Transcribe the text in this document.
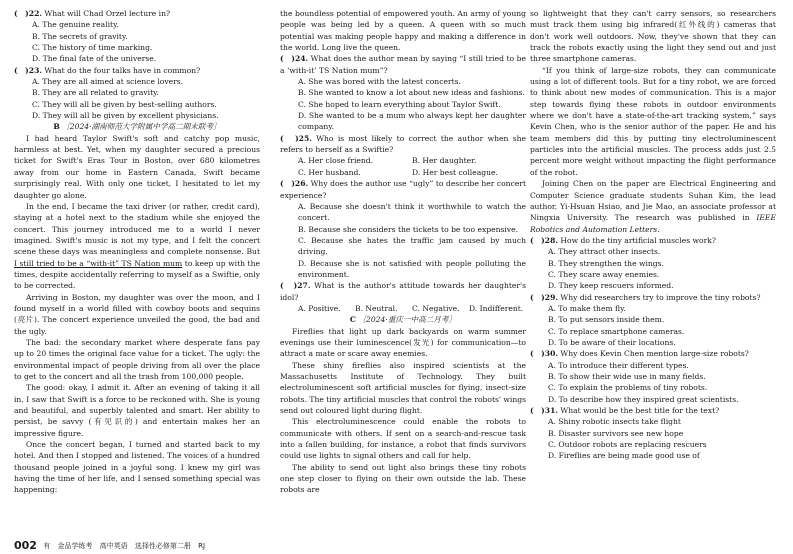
(　)22. What will Chad Orzel lecture in?

A. The genuine reality.

B. The secrets of gravity.

C. The history of time marking.

D. The final fate of the universe.

(　)23. What do the four talks have in common?

A. They are all aimed at science lovers.

B. They are all related to gravity.

C. They will all be given by best-selling authors.

D. They will all be given by excellent physicians.

B ［2024·湖南师范大学附属中学高二期末联考］

I had heard Taylor Swift's soft and catchy pop music, harmless at best. Yet, when my daughter secured a precious ticket for Swift's Eras Tour in Boston, over 680 kilometres away from our home in Eastern Canada, Swift became surprisingly real. With only one ticket, I hesitated to let my daughter go alone.

In the end, I became the taxi driver (or rather, credit card), staying at a hotel next to the stadium while she enjoyed the concert. This journey introduced me to a world I never imagined. Swift's music is not my type, and I felt the concert scene these days was meaningless and complete nonsense. But I still tried to be a “with-it” TS Nation mum to keep up with the times, despite accidentally referring to myself as a Swiftie, only to be corrected.

Arriving in Boston, my daughter was over the moon, and I found myself in a world filled with cowboy boots and sequins (亮片). The concert experience unveiled the good, the bad and the ugly.

The bad: the secondary market where desperate fans pay up to 20 times the original face value for a ticket. The ugly: the environmental impact of people driving from all over the place to get to the concert and all the trash from 100,000 people.

The good: okay, I admit it. After an evening of taking it all in, I saw that Swift is a force to be reckoned with. She is young and beautiful, and superbly talented and smart. Her ability to persist, be savvy (有见识的) and entertain makes her an impressive figure.

Once the concert began, I turned and started back to my hotel. And then I stopped and listened. The voices of a hundred thousand people joined in a joyful song. I knew my girl was having the time of her life, and I sensed something special was happening:

the boundless potential of empowered youth. An army of young people was being led by a queen. A queen with so much potential was making people happy and making a difference in the world. Long live the queen.

(　)24. What does the author mean by saying “I still tried to be a ‘with-it’ TS Nation mum”?

A. She was bored with the latest concerts.

B. She wanted to know a lot about new ideas and fashions.

C. She hoped to learn everything about Taylor Swift.

D. She wanted to be a mum who always kept her daughter company.

(　)25. Who is most likely to correct the author when she refers to herself as a Swiftie?

A. Her close friend.	B. Her daughter.

C. Her husband.	D. Her best colleague.

(　)26. Why does the author use “ugly” to describe her concert experience?

A. Because she doesn't think it worthwhile to watch the concert.

B. Because she considers the tickets to be too expensive.

C. Because she hates the traffic jam caused by much driving.

D. Because she is not satisfied with people polluting the environment.

(　)27. What is the author's attitude towards her daughter's idol?

A. Positive.	B. Neutral.	C. Negative.	D. Indifferent.

C ［2024·重庆一中高二月考］

Fireflies that light up dark backyards on warm summer evenings use their luminescence(发光) for communication—to attract a mate or scare away enemies.

These shiny fireflies also inspired scientists at the Massachusetts Institute of Technology. They built electroluminescent soft artificial muscles for flying, insect-size robots. The tiny artificial muscles that control the robots' wings send out coloured light during flight.

This electroluminescence could enable the robots to communicate with others. If sent on a search-and-rescue task into a fallen building, for instance, a robot that finds survivors could use lights to signal others and call for help.

The ability to send out light also brings these tiny robots one step closer to flying on their own outside the lab. These robots are

so lightweight that they can't carry sensors, so researchers must track them using big infrared(红外线的) cameras that don't work well outdoors. Now, they've shown that they can track the robots exactly using the light they send out and just three smartphone cameras.

“If you think of large-size robots, they can communicate using a lot of different tools. But for a tiny robot, we are forced to think about new modes of communication. This is a major step towards flying these robots in outdoor environments where we don't have a state-of-the-art tracking system,” says Kevin Chen, who is the senior author of the paper. He and his team members did this by putting tiny electroluminescent particles into the artificial muscles. The process adds just 2.5 percent more weight without impacting the flight performance of the robot.

Joining Chen on the paper are Electrical Engineering and Computer Science graduate students Suhan Kim, the lead author, Yi-Hsuan Hsiao, and Jie Mao, an associate professor at Ningxia University. The research was published in IEEE Robotics and Automation Letters.

(　)28. How do the tiny artificial muscles work?

A. They attract other insects.

B. They strengthen the wings.

C. They scare away enemies.

D. They keep rescuers informed.

(　)29. Why did researchers try to improve the tiny robots?

A. To make them fly.

B. To put sensors inside them.

C. To replace smartphone cameras.

D. To be aware of their locations.

(　)30. Why does Kevin Chen mention large-size robots?

A. To introduce their different types.

B. To show their wide use in many fields.

C. To explain the problems of tiny robots.

D. To describe how they inspired great scientists.

(　)31. What would be the best title for the text?

A. Shiny robotic insects take flight

B. Disaster survivors see new hope

C. Outdoor robots are replacing rescuers

D. Fireflies are being made good use of

002 有 金品学练考 高中英语 选择性必修第二册 RJ
